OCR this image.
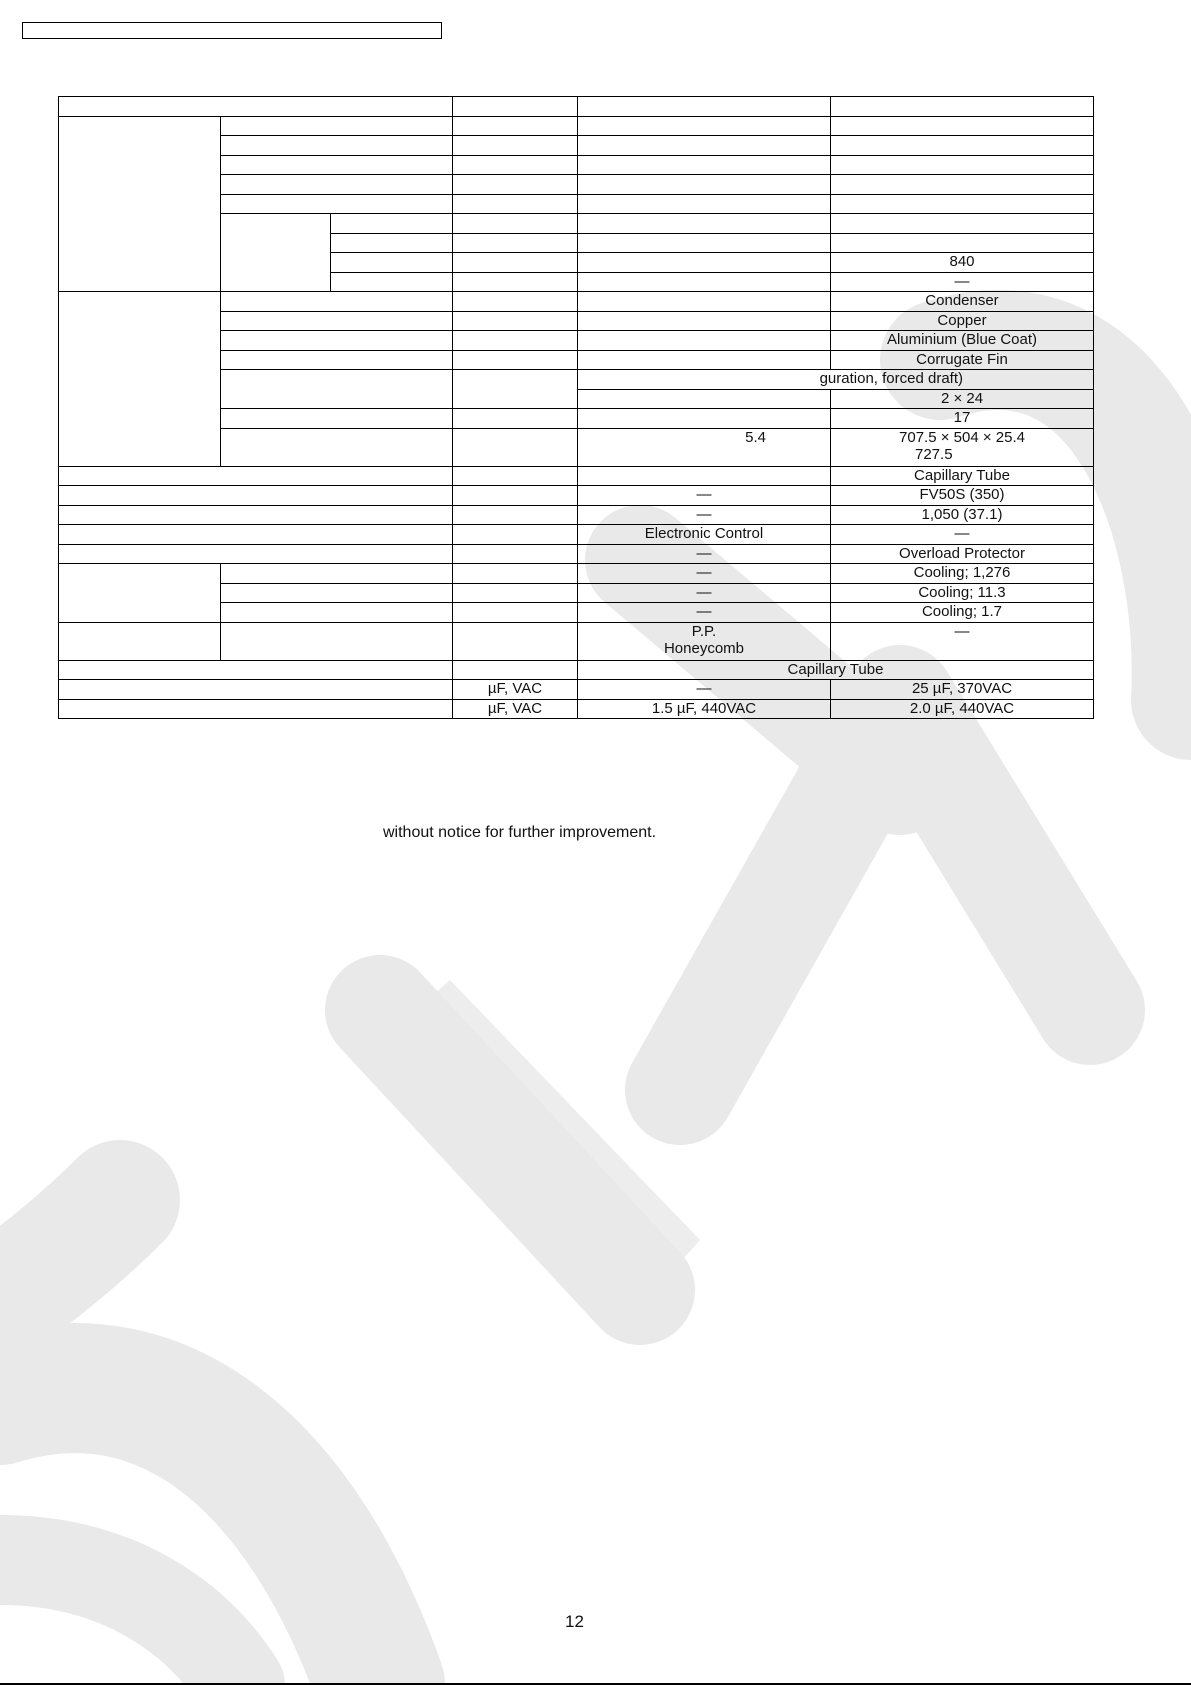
					840
					—
					Condenser
					Copper
					Aluminium (Blue Coat)
					Corrugate Fin
				guration, forced draft)	
					2 × 24
					17
				5.4	707.5 × 504 × 25.4
727.5

					Capillary Tube
				—	FV50S (350)
				—	1,050 (37.1)
				Electronic Control	—
				—	Overload Protector
				—	Cooling; 1,276
				—	Cooling; 11.3
				—	Cooling; 1.7

				P.P.
Honeycomb	—
				Capillary Tube	
			µF, VAC	—	25 µF, 370VAC
			µF, VAC	1.5 µF, 440VAC	2.0 µF, 440VAC
without notice for further improvement.
12
